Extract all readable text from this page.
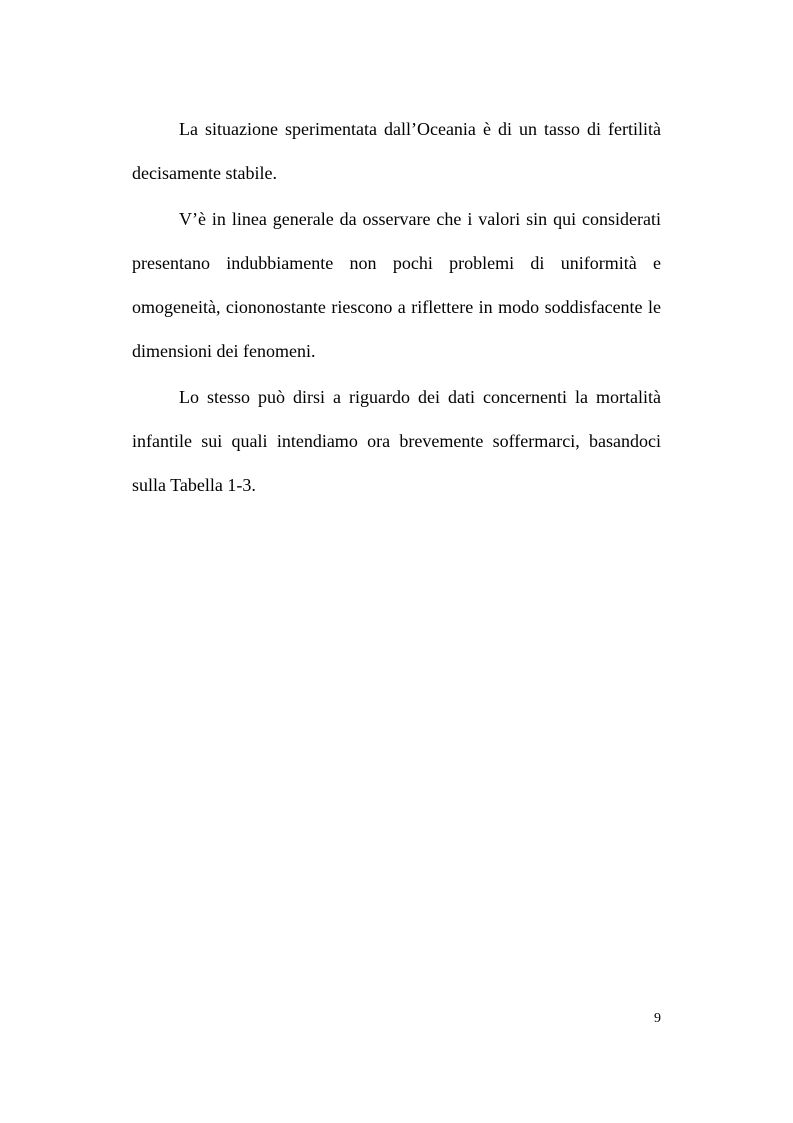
La situazione sperimentata dall’Oceania è di un tasso di fertilità decisamente stabile.

V’è in linea generale da osservare che i valori sin qui considerati presentano indubbiamente non pochi problemi di uniformità e omogeneità, ciononostante riescono a riflettere in modo soddisfacente le dimensioni dei fenomeni.

Lo stesso può dirsi a riguardo dei dati concernenti la mortalità infantile sui quali intendiamo ora brevemente soffermarci, basandoci sulla Tabella 1-3.

9
